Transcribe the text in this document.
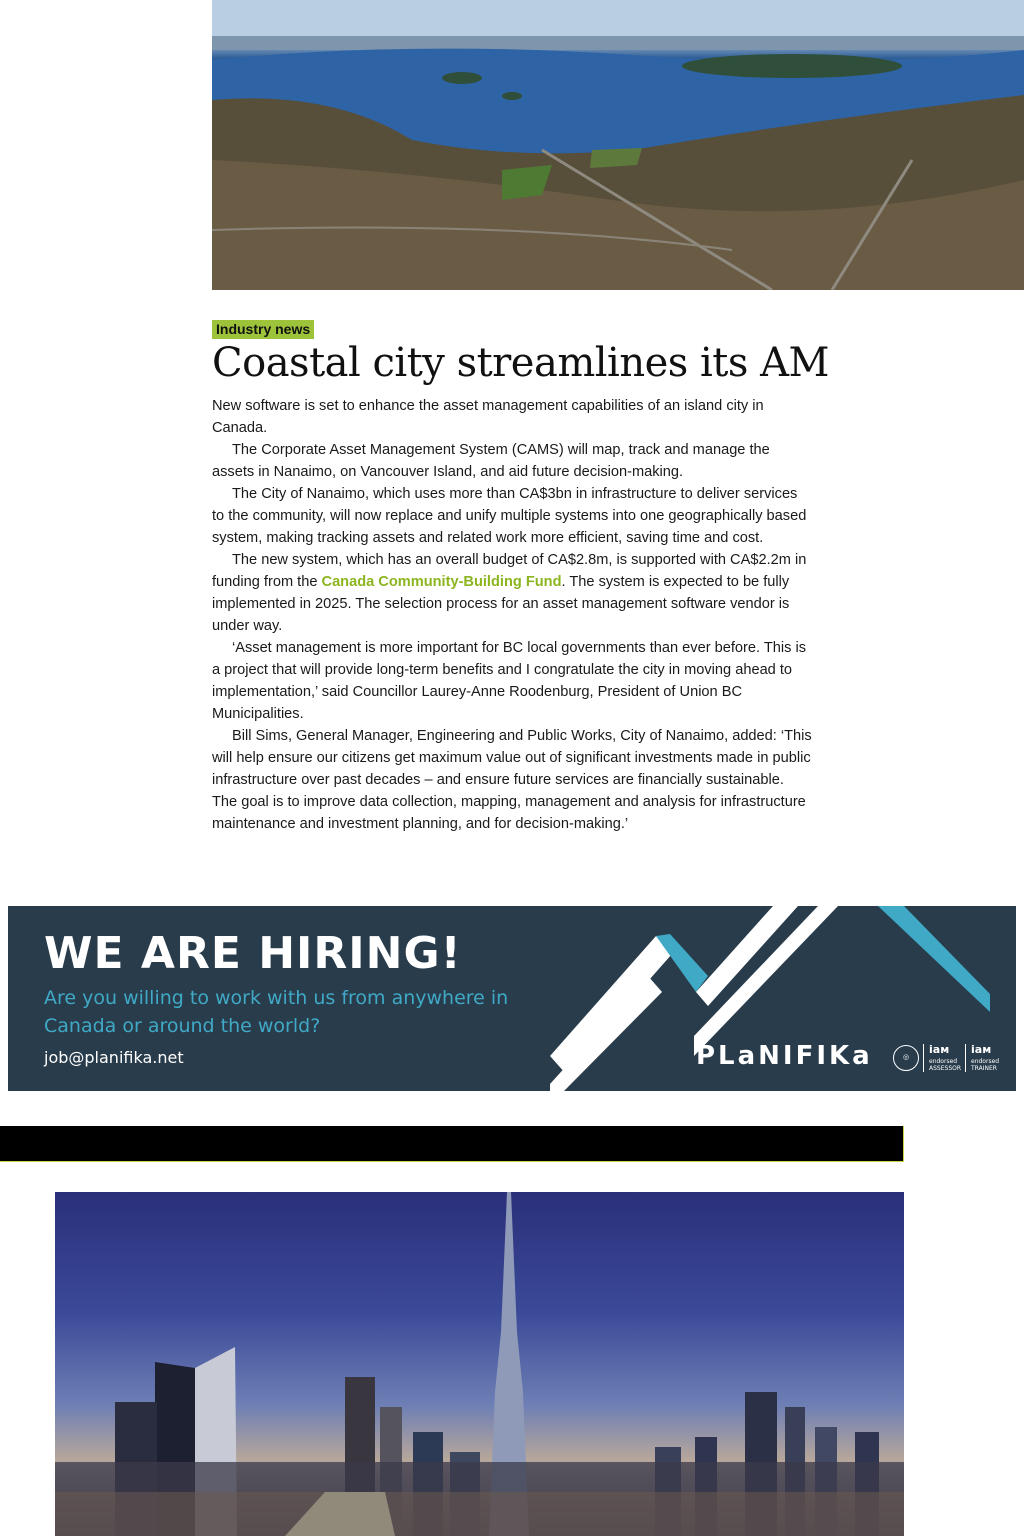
Industry news
Coastal city streamlines its AM

New software is set to enhance the asset management capabilities of an island city in Canada.

The Corporate Asset Management System (CAMS) will map, track and manage the assets in Nanaimo, on Vancouver Island, and aid future decision-making.

The City of Nanaimo, which uses more than CA$3bn in infrastructure to deliver services to the community, will now replace and unify multiple systems into one geographically based system, making tracking assets and related work more efficient, saving time and cost.

The new system, which has an overall budget of CA$2.8m, is supported with CA$2.2m in funding from the Canada Community-Building Fund. The system is expected to be fully implemented in 2025. The selection process for an asset management software vendor is under way.

‘Asset management is more important for BC local governments than ever before. This is a project that will provide long-term benefits and I congratulate the city in moving ahead to implementation,’ said Councillor Laurey-Anne Roodenburg, President of Union BC Municipalities.

Bill Sims, General Manager, Engineering and Public Works, City of Nanaimo, added: ‘This will help ensure our citizens get maximum value out of significant investments made in public infrastructure over past decades – and ensure future services are financially sustainable. The goal is to improve data collection, mapping, management and analysis for infrastructure maintenance and investment planning, and for decision-making.’

WE ARE HIRING!
Are you willing to work with us from anywhere in Canada or around the world?
job@planifika.net	PLaNIFIKa	◎
iaм
endorsed
ASSESSOR
iaм
endorsed
TRAINER
